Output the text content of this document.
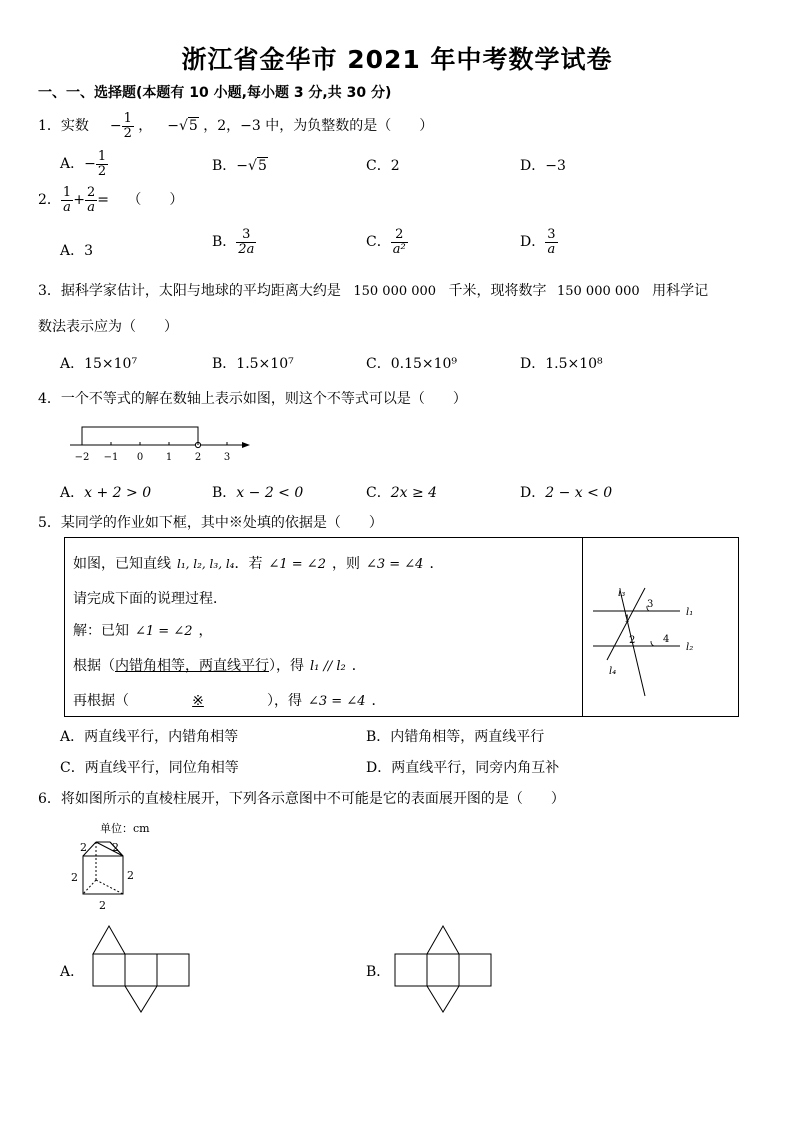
浙江省金华市 2021 年中考数学试卷
一、一、选择题(本题有 10 小题,每小题 3 分,共 30 分)
1．实数 − $\frac{1}{2}$ ， −√5 ，2，−3 中，为负整数的是（　　）
A．− $\frac{1}{2}$	B．−√5	C．2	D．−3
2． $\frac{1}{a} + \frac{2}{a}$ = （　　）
A．3
B． $\frac{3}{2a}$	C． $\frac{2}{\text{a²}}$	D． $\frac{3}{a}$
3．据科学家估计，太阳与地球的平均距离大约是 150 000 000 千米，现将数字 150 000 000 用科学记
数法表示应为（　　）
A．15×10⁷	B．1.5×10⁷	C．0.15×10⁹	D．1.5×10⁸
4．一个不等式的解在数轴上表示如图，则这个不等式可以是（　　）
−2 −1 0 1 2 3
A．x + 2 > 0	B．x − 2 < 0	C．2x ≥ 4	D．2 − x < 0
5．某同学的作业如下框，其中※处填的依据是（　　）
如图，已知直线 l₁, l₂, l₃, l₄．若 ∠1 = ∠2 ，则 ∠3 = ∠4 ．
请完成下面的说理过程．
解：已知 ∠1 = ∠2 ，
根据（内错角相等，两直线平行），得 l₁ // l₂ ．
再根据（	※	），得 ∠3 = ∠4 ．
l₃
l₁
l₂
l₄
1
2
3
4
A．两直线平行，内错角相等	B．内错角相等，两直线平行
C．两直线平行，同位角相等	D．两直线平行，同旁内角互补
6．将如图所示的直棱柱展开，下列各示意图中不可能是它的表面展开图的是（　　）
单位：cm
2 2
2	2
2
A．	B．
